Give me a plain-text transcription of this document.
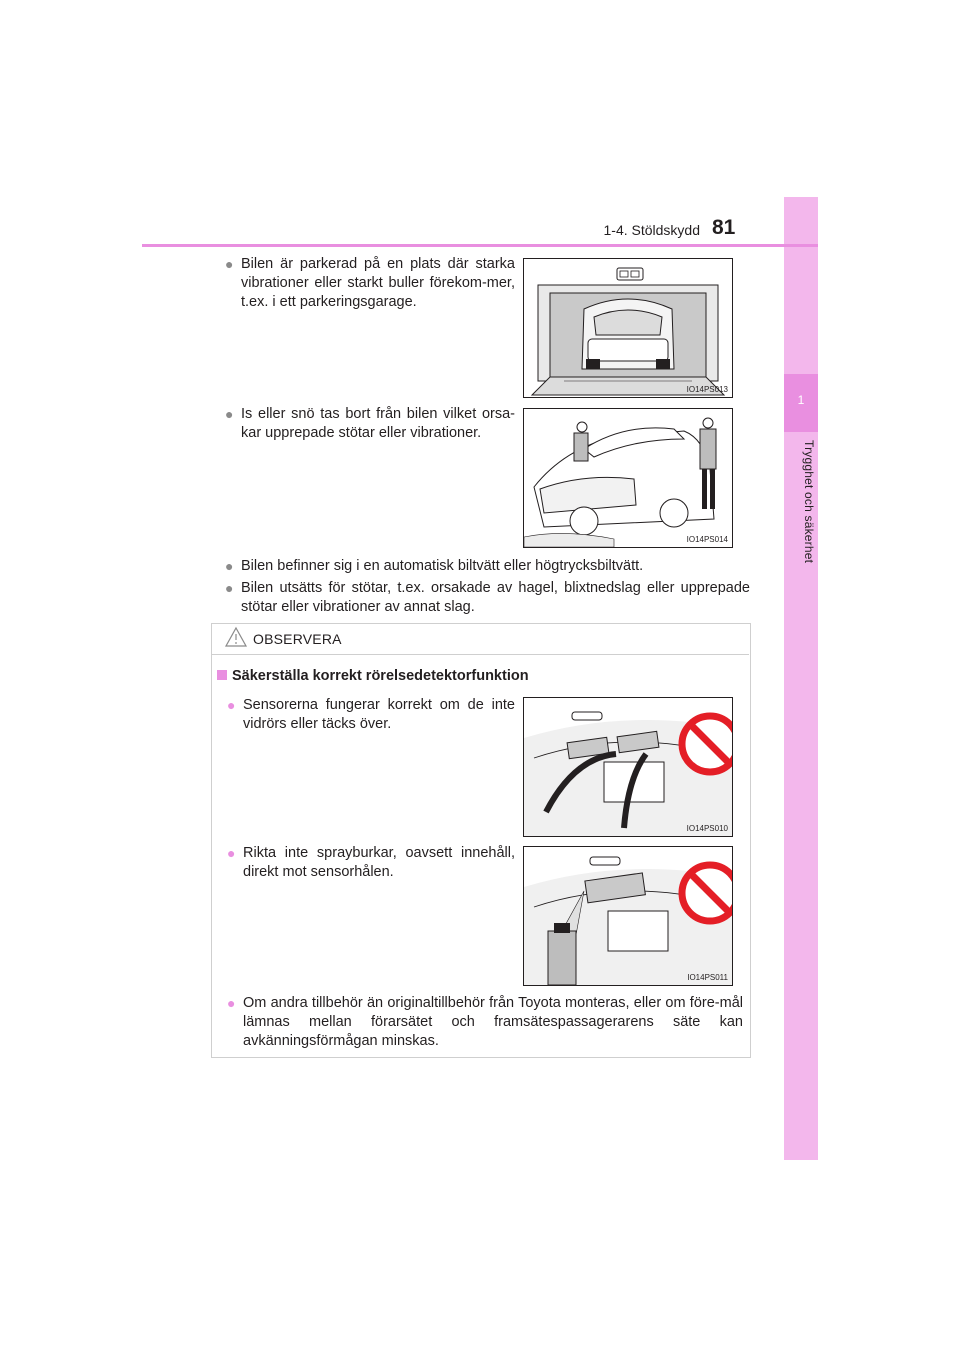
1
Trygghet och säkerhet
1-4. Stöldskydd 81
● Bilen är parkerad på en plats där starka vibrationer eller starkt buller förekom-mer, t.ex. i ett parkeringsgarage.
IO14PS013
● Is eller snö tas bort från bilen vilket orsa-kar upprepade stötar eller vibrationer.
IO14PS014
● Bilen befinner sig i en automatisk biltvätt eller högtrycksbiltvätt.
● Bilen utsätts för stötar, t.ex. orsakade av hagel, blixtnedslag eller upprepade stötar eller vibrationer av annat slag.
OBSERVERA
Säkerställa korrekt rörelsedetektorfunktion
● Sensorerna fungerar korrekt om de inte vidrörs eller täcks över.
IO14PS010
● Rikta inte sprayburkar, oavsett innehåll, direkt mot sensorhålen.
IO14PS011
● Om andra tillbehör än originaltillbehör från Toyota monteras, eller om före-mål lämnas mellan förarsätet och framsätespassagerarens säte kan avkänningsförmågan minskas.
